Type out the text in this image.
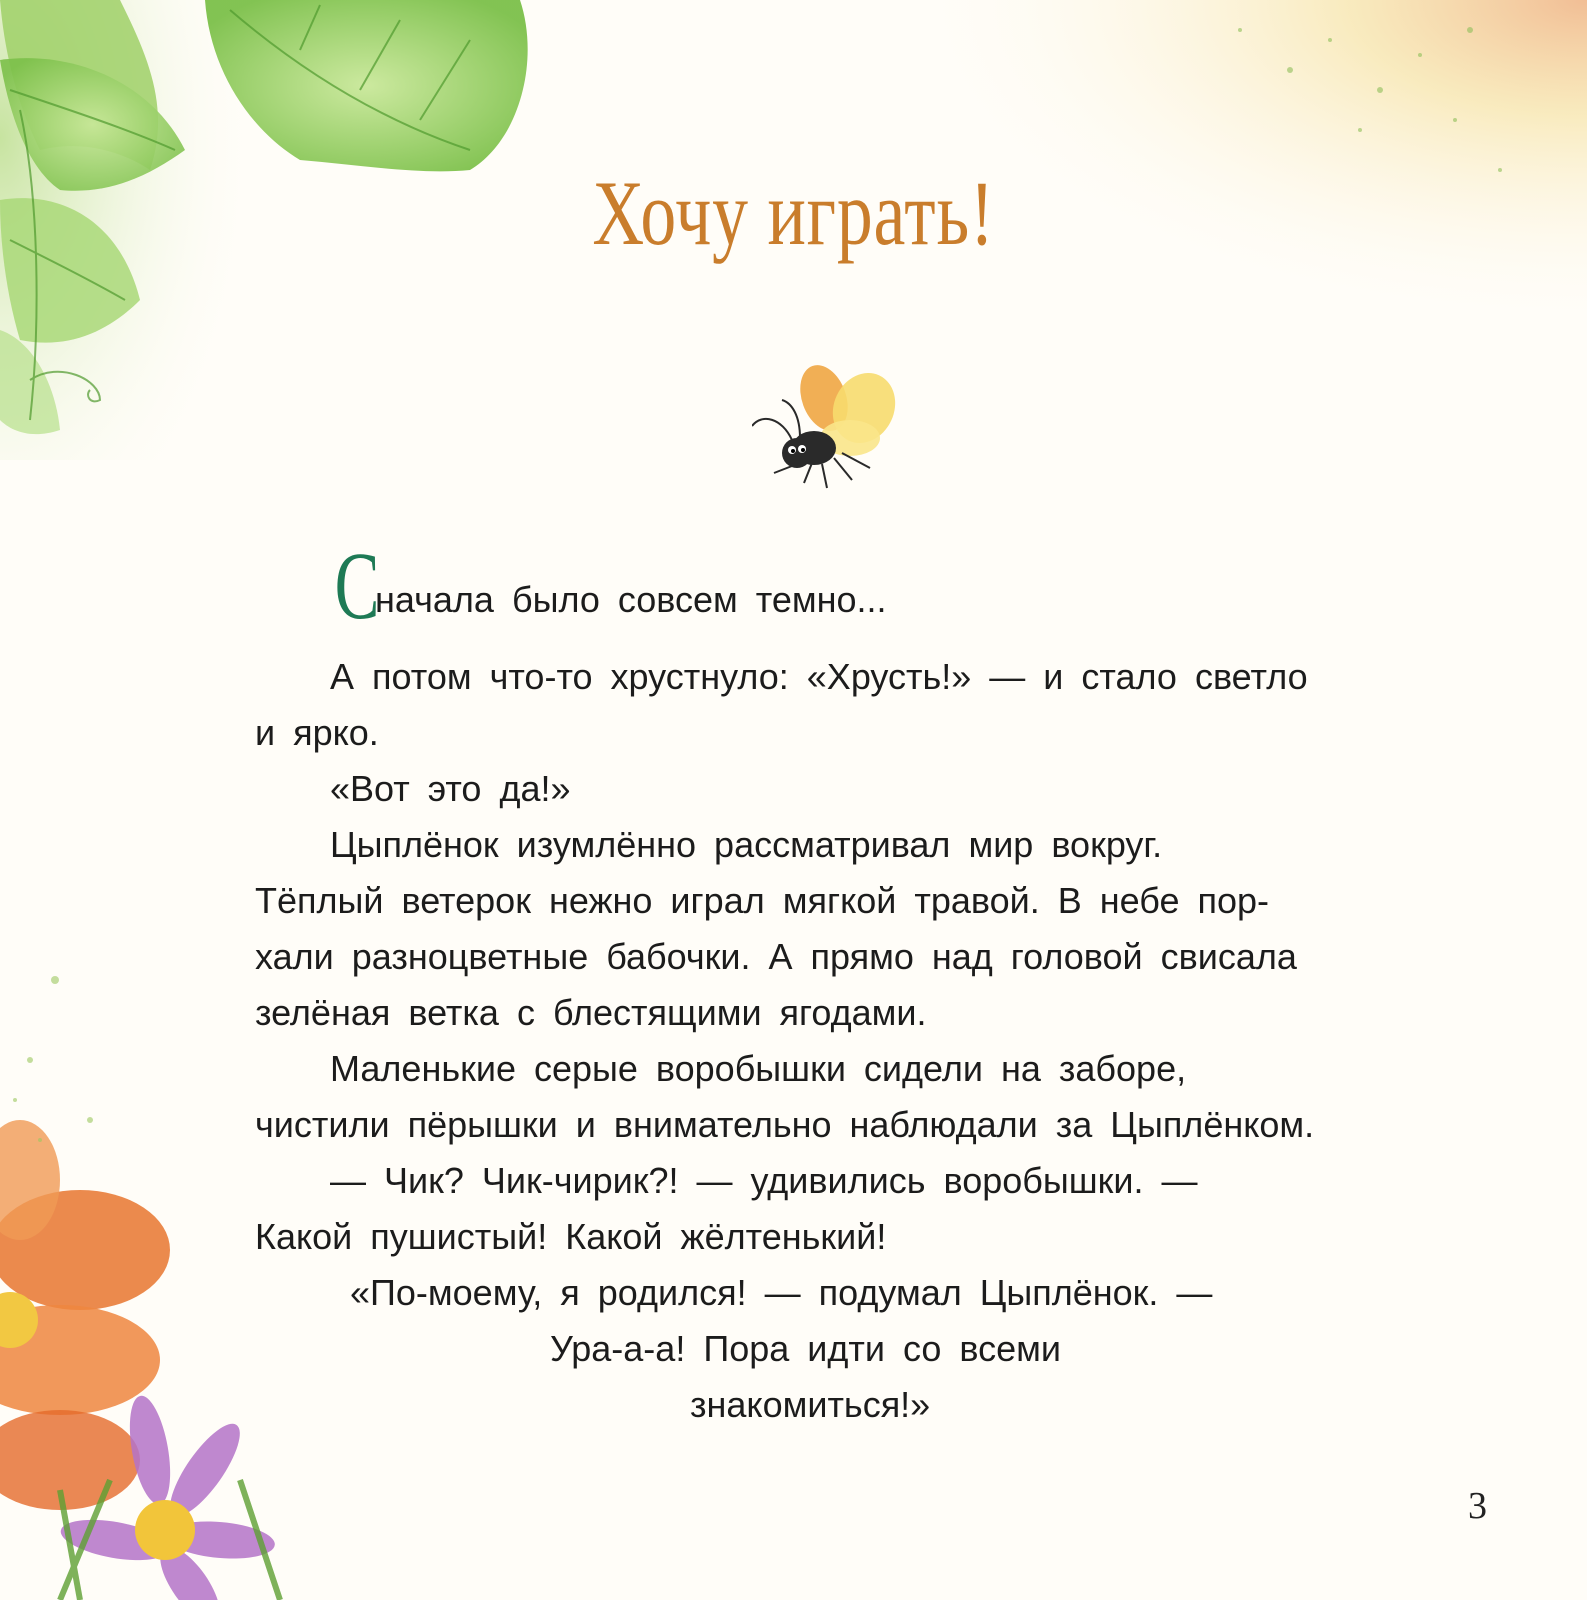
Хочу играть!
Сначала было совсем темно...
А потом что-то хрустнуло: «Хрусть!» — и стало светло
и ярко.
«Вот это да!»
Цыплёнок изумлённо рассматривал мир вокруг.
Тёплый ветерок нежно играл мягкой травой. В небе пор-
хали разноцветные бабочки. А прямо над головой свисала
зелёная ветка с блестящими ягодами.
Маленькие серые воробышки сидели на заборе,
чистили пёрышки и внимательно наблюдали за Цыплёнком.
— Чик? Чик-чирик?! — удивились воробышки. —
Какой пушистый! Какой жёлтенький!
«По-моему, я родился! — подумал Цыплёнок. —
Ура-а-а! Пора идти со всеми
знакомиться!»
3
